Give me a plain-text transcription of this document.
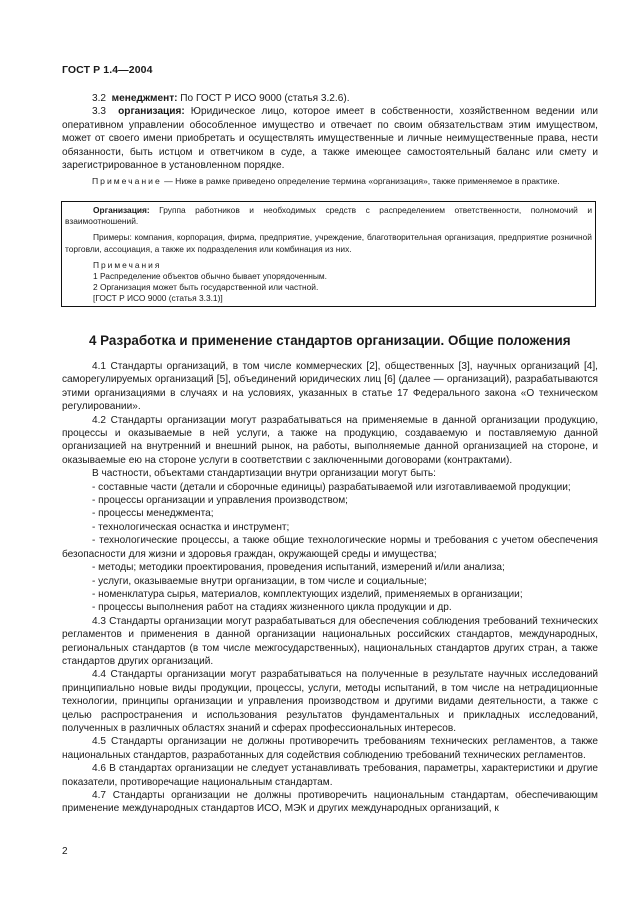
ГОСТ Р 1.4—2004

3.2 менеджмент: По ГОСТ Р ИСО 9000 (статья 3.2.6).

3.3 организация: Юридическое лицо, которое имеет в собственности, хозяйственном ведении или оперативном управлении обособленное имущество и отвечает по своим обязательствам этим имуществом, может от своего имени приобретать и осуществлять имущественные и личные неимущественные права, нести обязанности, быть истцом и ответчиком в суде, а также имеющее самостоятельный баланс или смету и зарегистрированное в установленном порядке.

Примечание — Ниже в рамке приведено определение термина «организация», также применяемое в практике.

Организация: Группа работников и необходимых средств с распределением ответственности, полномочий и взаимоотношений.

Примеры: компания, корпорация, фирма, предприятие, учреждение, благотворительная организация, предприятие розничной торговли, ассоциация, а также их подразделения или комбинация из них.

Примечания

1 Распределение объектов обычно бывает упорядоченным.

2 Организация может быть государственной или частной.

[ГОСТ Р ИСО 9000 (статья 3.3.1)]

4 Разработка и применение стандартов организации. Общие положения

4.1 Стандарты организаций, в том числе коммерческих [2], общественных [3], научных организаций [4], саморегулируемых организаций [5], объединений юридических лиц [6] (далее — организаций), разрабатываются этими организациями в случаях и на условиях, указанных в статье 17 Федерального закона «О техническом регулировании».

4.2 Стандарты организации могут разрабатываться на применяемые в данной организации продукцию, процессы и оказываемые в ней услуги, а также на продукцию, создаваемую и поставляемую данной организацией на внутренний и внешний рынок, на работы, выполняемые данной организацией на стороне, и оказываемые ею на стороне услуги в соответствии с заключенными договорами (контрактами).

В частности, объектами стандартизации внутри организации могут быть:

- составные части (детали и сборочные единицы) разрабатываемой или изготавливаемой продукции;

- процессы организации и управления производством;

- процессы менеджмента;

- технологическая оснастка и инструмент;

- технологические процессы, а также общие технологические нормы и требования с учетом обеспечения безопасности для жизни и здоровья граждан, окружающей среды и имущества;

- методы; методики проектирования, проведения испытаний, измерений и/или анализа;

- услуги, оказываемые внутри организации, в том числе и социальные;

- номенклатура сырья, материалов, комплектующих изделий, применяемых в организации;

- процессы выполнения работ на стадиях жизненного цикла продукции и др.

4.3 Стандарты организации могут разрабатываться для обеспечения соблюдения требований технических регламентов и применения в данной организации национальных российских стандартов, международных, региональных стандартов (в том числе межгосударственных), национальных стандартов других стран, а также стандартов других организаций.

4.4 Стандарты организации могут разрабатываться на полученные в результате научных исследований принципиально новые виды продукции, процессы, услуги, методы испытаний, в том числе на нетрадиционные технологии, принципы организации и управления производством и другими видами деятельности, а также с целью распространения и использования результатов фундаментальных и прикладных исследований, полученных в различных областях знаний и сферах профессиональных интересов.

4.5 Стандарты организации не должны противоречить требованиям технических регламентов, а также национальных стандартов, разработанных для содействия соблюдению требований технических регламентов.

4.6 В стандартах организации не следует устанавливать требования, параметры, характеристики и другие показатели, противоречащие национальным стандартам.

4.7 Стандарты организации не должны противоречить национальным стандартам, обеспечивающим применение международных стандартов ИСО, МЭК и других международных организаций, к

2
